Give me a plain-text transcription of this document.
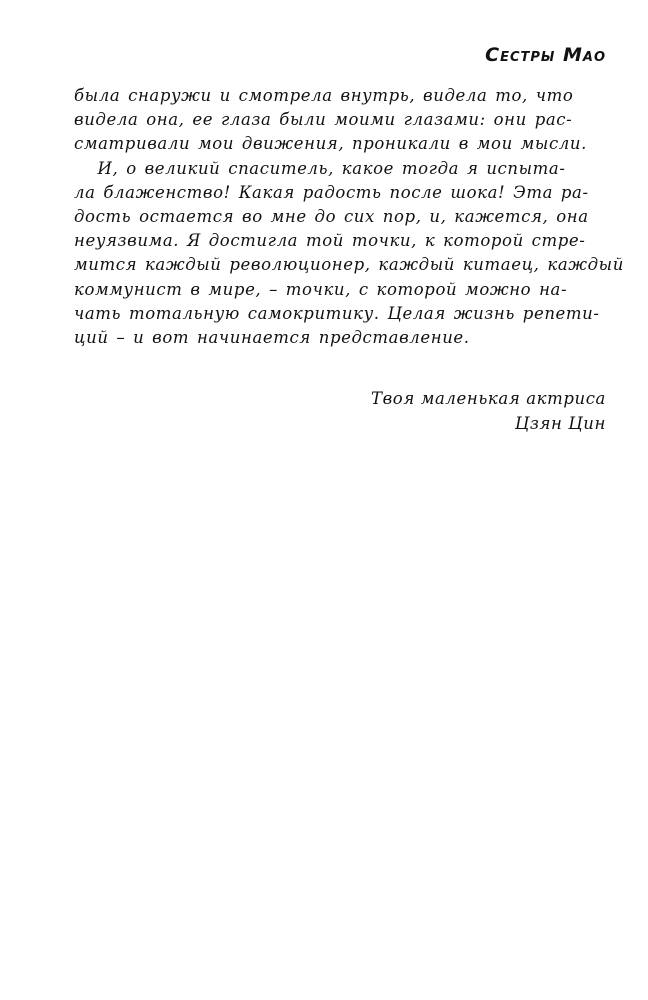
Сестры Мао
была снаружи и смотрела внутрь, видела то, что
видела она, ее глаза были моими глазами: они рас-
сматривали мои движения, проникали в мои мысли.
И, о великий спаситель, какое тогда я испыта-
ла блаженство! Какая радость после шока! Эта ра-
дость остается во мне до сих пор, и, кажется, она
неуязвима. Я достигла той точки, к которой стре-
мится каждый революционер, каждый китаец, каждый
коммунист в мире, – точки, с которой можно на-
чать тотальную самокритику. Целая жизнь репети-
ций – и вот начинается представление.
Твоя маленькая актриса
Цзян Цин
